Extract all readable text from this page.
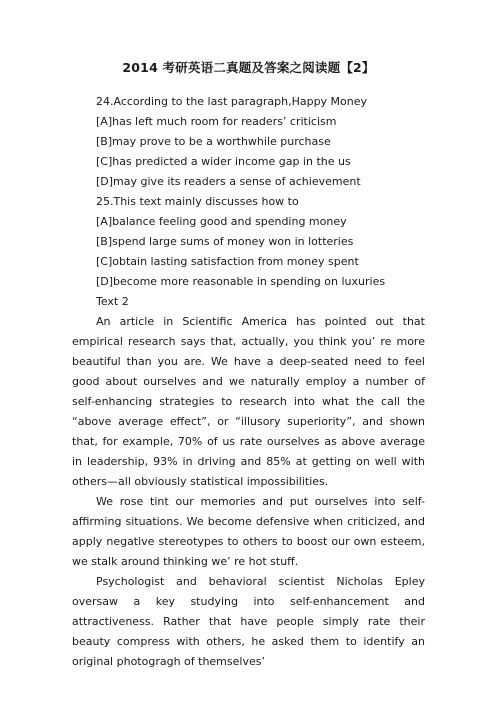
2014 考研英语二真题及答案之阅读题【2】
24.According to the last paragraph,Happy Money
[A]has left much room for readers’ criticism
[B]may prove to be a worthwhile purchase
[C]has predicted a wider income gap in the us
[D]may give its readers a sense of achievement
25.This text mainly discusses how to
[A]balance feeling good and spending money
[B]spend large sums of money won in lotteries
[C]obtain lasting satisfaction from money spent
[D]become more reasonable in spending on luxuries
Text 2

An article in Scientific America has pointed out that empirical research says that, actually, you think you’ re more beautiful than you are. We have a deep-seated need to feel good about ourselves and we naturally employ a number of self-enhancing strategies to research into what the call the “above average effect”, or “illusory superiority”, and shown that, for example, 70% of us rate ourselves as above average in leadership, 93% in driving and 85% at getting on well with others—all obviously statistical impossibilities.

We rose tint our memories and put ourselves into self-affirming situations. We become defensive when criticized, and apply negative stereotypes to others to boost our own esteem, we stalk around thinking we’ re hot stuff.

Psychologist and behavioral scientist Nicholas Epley oversaw a key studying into self-enhancement and attractiveness. Rather that have people simply rate their beauty compress with others, he asked them to identify an original photogragh of themselves’
